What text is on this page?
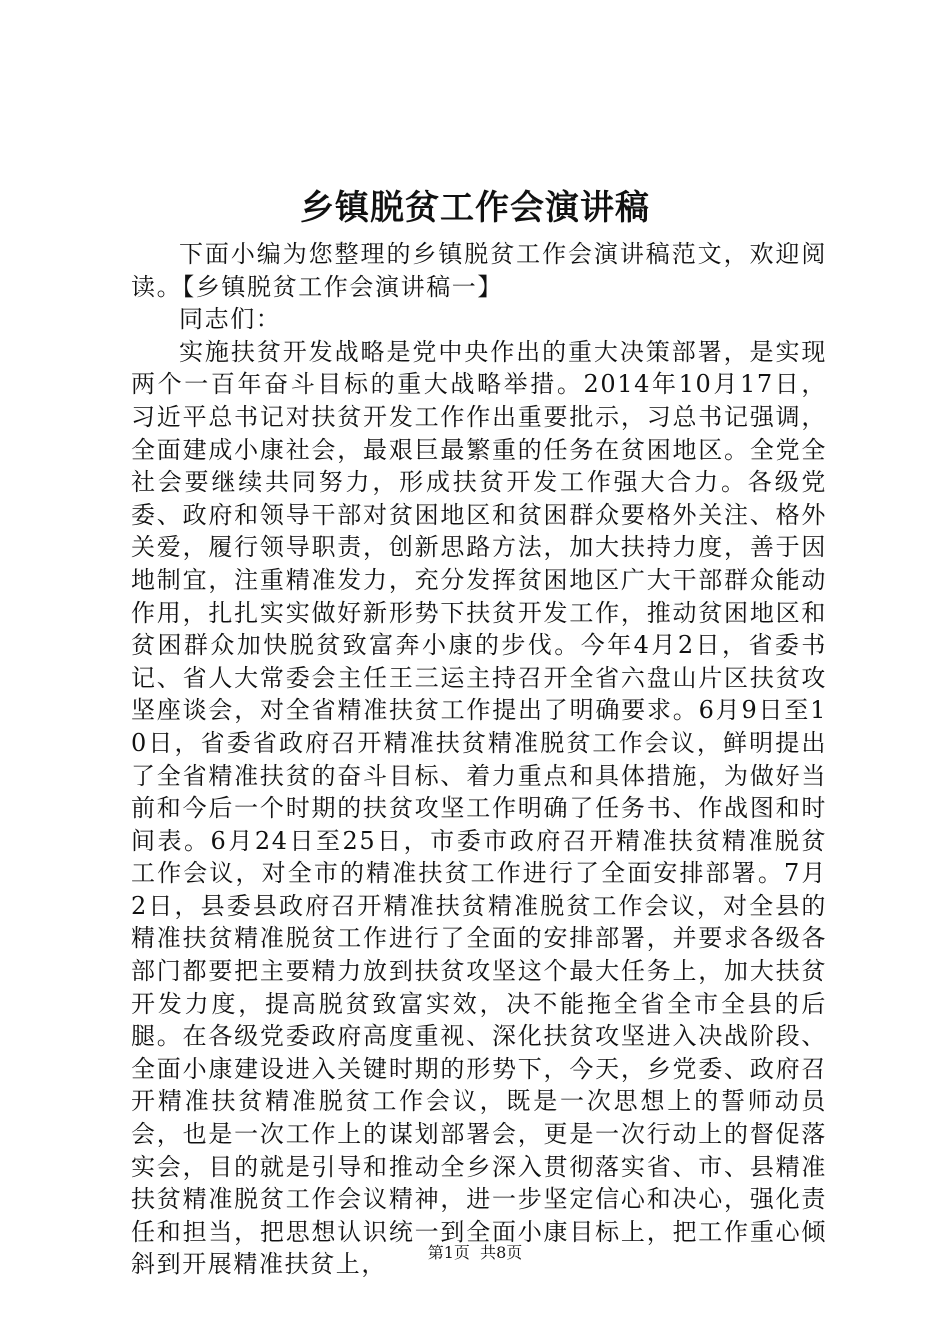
乡镇脱贫工作会演讲稿

下面小编为您整理的乡镇脱贫工作会演讲稿范文，欢迎阅读。【乡镇脱贫工作会演讲稿一】

同志们：

实施扶贫开发战略是党中央作出的重大决策部署，是实现两个一百年奋斗目标的重大战略举措。2014年10月17日，习近平总书记对扶贫开发工作作出重要批示，习总书记强调，全面建成小康社会，最艰巨最繁重的任务在贫困地区。全党全社会要继续共同努力，形成扶贫开发工作强大合力。各级党委、政府和领导干部对贫困地区和贫困群众要格外关注、格外关爱，履行领导职责，创新思路方法，加大扶持力度，善于因地制宜，注重精准发力，充分发挥贫困地区广大干部群众能动作用，扎扎实实做好新形势下扶贫开发工作，推动贫困地区和贫困群众加快脱贫致富奔小康的步伐。今年4月2日，省委书记、省人大常委会主任王三运主持召开全省六盘山片区扶贫攻坚座谈会，对全省精准扶贫工作提出了明确要求。6月9日至10日，省委省政府召开精准扶贫精准脱贫工作会议，鲜明提出了全省精准扶贫的奋斗目标、着力重点和具体措施，为做好当前和今后一个时期的扶贫攻坚工作明确了任务书、作战图和时间表。6月24日至25日，市委市政府召开精准扶贫精准脱贫工作会议，对全市的精准扶贫工作进行了全面安排部署。7月2日，县委县政府召开精准扶贫精准脱贫工作会议，对全县的精准扶贫精准脱贫工作进行了全面的安排部署，并要求各级各部门都要把主要精力放到扶贫攻坚这个最大任务上，加大扶贫开发力度，提高脱贫致富实效，决不能拖全省全市全县的后腿。在各级党委政府高度重视、深化扶贫攻坚进入决战阶段、全面小康建设进入关键时期的形势下，今天，乡党委、政府召开精准扶贫精准脱贫工作会议，既是一次思想上的誓师动员会，也是一次工作上的谋划部署会，更是一次行动上的督促落实会，目的就是引导和推动全乡深入贯彻落实省、市、县精准扶贫精准脱贫工作会议精神，进一步坚定信心和决心，强化责任和担当，把思想认识统一到全面小康目标上，把工作重心倾斜到开展精准扶贫上，	第1页 共8页
